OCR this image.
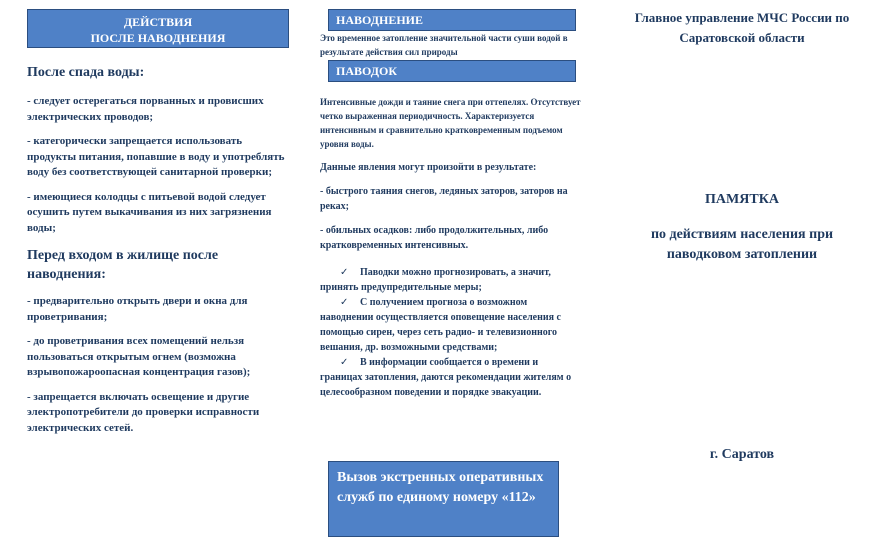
ДЕЙСТВИЯ
ПОСЛЕ НАВОДНЕНИЯ
После спада воды:
- следует остерегаться порванных и провисших электрических проводов;
- категорически запрещается использовать продукты питания, попавшие в воду и употреблять воду без соответствующей санитарной проверки;
- имеющиеся колодцы с питьевой водой следует осушить путем выкачивания из них загрязнения воды;
Перед входом в жилище после наводнения:
- предварительно открыть двери и окна для проветривания;
- до проветривания всех помещений нельзя пользоваться открытым огнем (возможна взрывопожароопасная концентрация газов);
- запрещается включать освещение и другие электропотребители до проверки исправности электрических сетей.
НАВОДНЕНИЕ
Это временное затопление значительной части суши водой в результате действия сил природы
ПАВОДОК
Интенсивные дожди и таяние снега при оттепелях. Отсутствует четко выраженная периодичность. Характеризуется интенсивным и сравнительно кратковременным подъемом уровня воды.
Данные явления могут произойти в результате:
- быстрого таяния снегов, ледяных заторов, заторов на реках;
- обильных осадков: либо продолжительных, либо кратковременных интенсивных.
✓ Паводки можно прогнозировать, а значит, принять предупредительные меры;
✓ С получением прогноза о возможном наводнении осуществляется оповещение населения с помощью сирен, через сеть радио- и телевизионного вешания, др. возможными средствами;
✓ В информации сообщается о времени и границах затопления, даются рекомендации жителям о целесообразном поведении и порядке эвакуации.
Вызов экстренных оперативных служб по единому номеру «112»
Главное управление МЧС России по Саратовской области
ПАМЯТКА
по действиям населения при паводковом затоплении
г. Саратов
